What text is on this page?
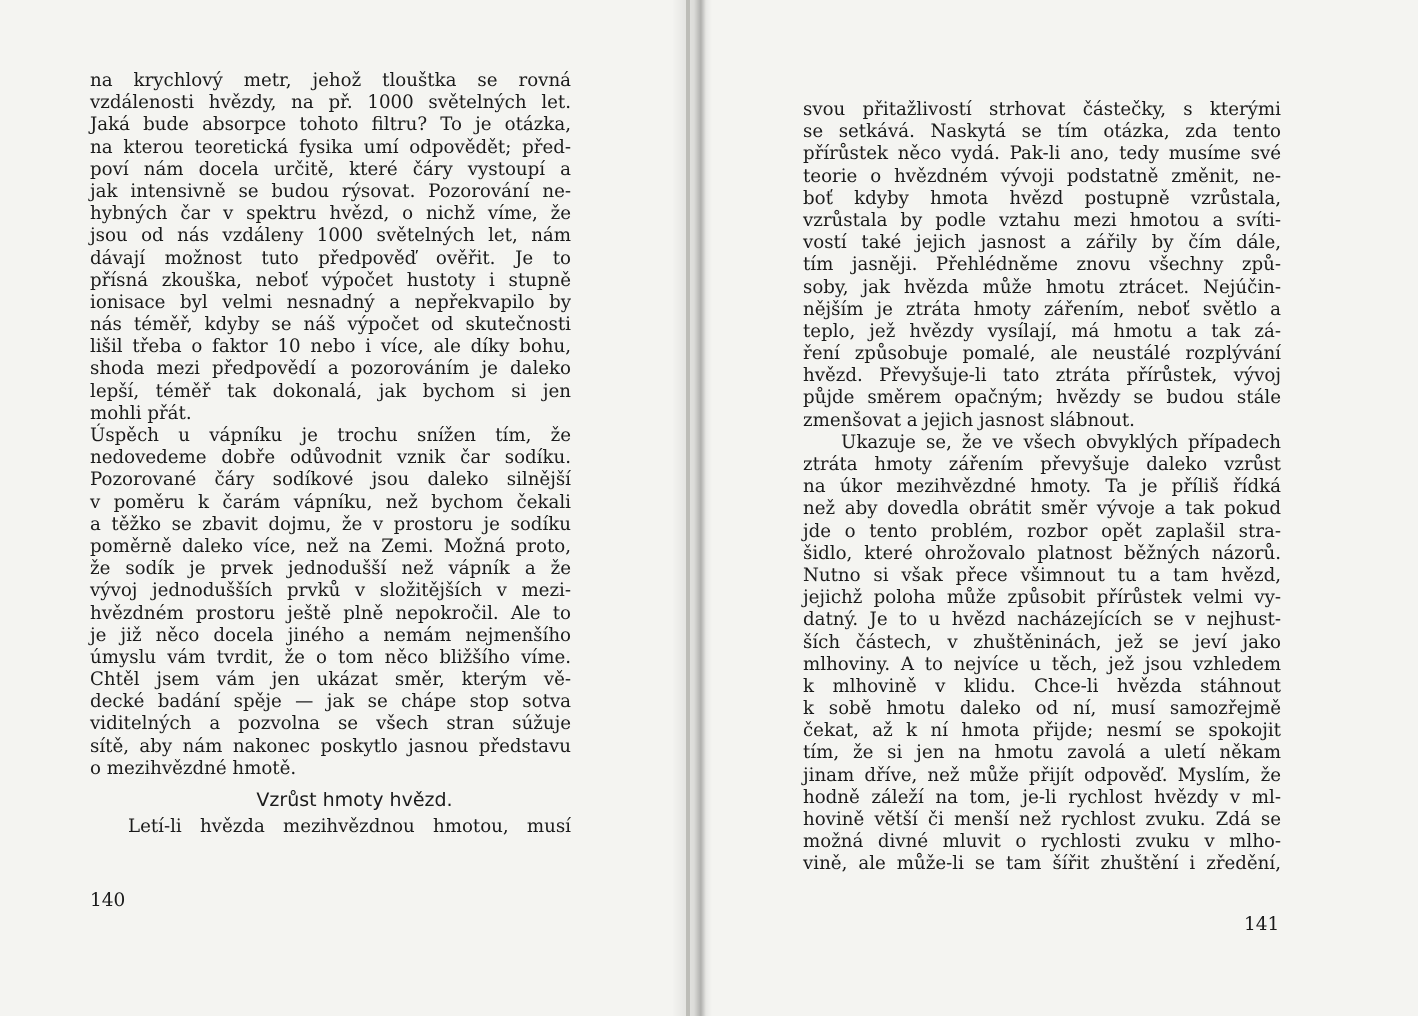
na krychlový metr, jehož tlouštka se rovná
vzdálenosti hvězdy, na př. 1000 světelných let.
Jaká bude absorpce tohoto filtru? To je otázka,
na kterou teoretická fysika umí odpovědět; před-
poví nám docela určitě, které čáry vystoupí a
jak intensivně se budou rýsovat. Pozorování ne-
hybných čar v spektru hvězd, o nichž víme, že
jsou od nás vzdáleny 1000 světelných let, nám
dávají možnost tuto předpověď ověřit. Je to
přísná zkouška, neboť výpočet hustoty i stupně
ionisace byl velmi nesnadný a nepřekvapilo by
nás téměř, kdyby se náš výpočet od skutečnosti
lišil třeba o faktor 10 nebo i více, ale díky bohu,
shoda mezi předpovědí a pozorováním je daleko
lepší, téměř tak dokonalá, jak bychom si jen
mohli přát.
Úspěch u vápníku je trochu snížen tím, že
nedovedeme dobře odůvodnit vznik čar sodíku.
Pozorované čáry sodíkové jsou daleko silnější
v poměru k čarám vápníku, než bychom čekali
a těžko se zbavit dojmu, že v prostoru je sodíku
poměrně daleko více, než na Zemi. Možná proto,
že sodík je prvek jednodušší než vápník a že
vývoj jednodušších prvků v složitějších v mezi-
hvězdném prostoru ještě plně nepokročil. Ale to
je již něco docela jiného a nemám nejmenšího
úmyslu vám tvrdit, že o tom něco bližšího víme.
Chtěl jsem vám jen ukázat směr, kterým vě-
decké badání spěje — jak se chápe stop sotva
viditelných a pozvolna se všech stran súžuje
sítě, aby nám nakonec poskytlo jasnou představu
o mezihvězdné hmotě.
Vzrůst hmoty hvězd.
Letí-li hvězda mezihvězdnou hmotou, musí
140
svou přitažlivostí strhovat částečky, s kterými
se setkává. Naskytá se tím otázka, zda tento
přírůstek něco vydá. Pak-li ano, tedy musíme své
teorie o hvězdném vývoji podstatně změnit, ne-
boť kdyby hmota hvězd postupně vzrůstala,
vzrůstala by podle vztahu mezi hmotou a svíti-
vostí také jejich jasnost a zářily by čím dále,
tím jasněji. Přehlédněme znovu všechny způ-
soby, jak hvězda může hmotu ztrácet. Nejúčin-
nějším je ztráta hmoty zářením, neboť světlo a
teplo, jež hvězdy vysílají, má hmotu a tak zá-
ření způsobuje pomalé, ale neustálé rozplývání
hvězd. Převyšuje-li tato ztráta přírůstek, vývoj
půjde směrem opačným; hvězdy se budou stále
zmenšovat a jejich jasnost slábnout.
Ukazuje se, že ve všech obvyklých případech
ztráta hmoty zářením převyšuje daleko vzrůst
na úkor mezihvězdné hmoty. Ta je příliš řídká
než aby dovedla obrátit směr vývoje a tak pokud
jde o tento problém, rozbor opět zaplašil stra-
šidlo, které ohrožovalo platnost běžných názorů.
Nutno si však přece všimnout tu a tam hvězd,
jejichž poloha může způsobit přírůstek velmi vy-
datný. Je to u hvězd nacházejících se v nejhust-
ších částech, v zhuštěninách, jež se jeví jako
mlhoviny. A to nejvíce u těch, jež jsou vzhledem
k mlhovině v klidu. Chce-li hvězda stáhnout
k sobě hmotu daleko od ní, musí samozřejmě
čekat, až k ní hmota přijde; nesmí se spokojit
tím, že si jen na hmotu zavolá a uletí někam
jinam dříve, než může přijít odpověď. Myslím, že
hodně záleží na tom, je-li rychlost hvězdy v ml-
hovině větší či menší než rychlost zvuku. Zdá se
možná divné mluvit o rychlosti zvuku v mlho-
vině, ale může-li se tam šířit zhuštění i zředění,
141
